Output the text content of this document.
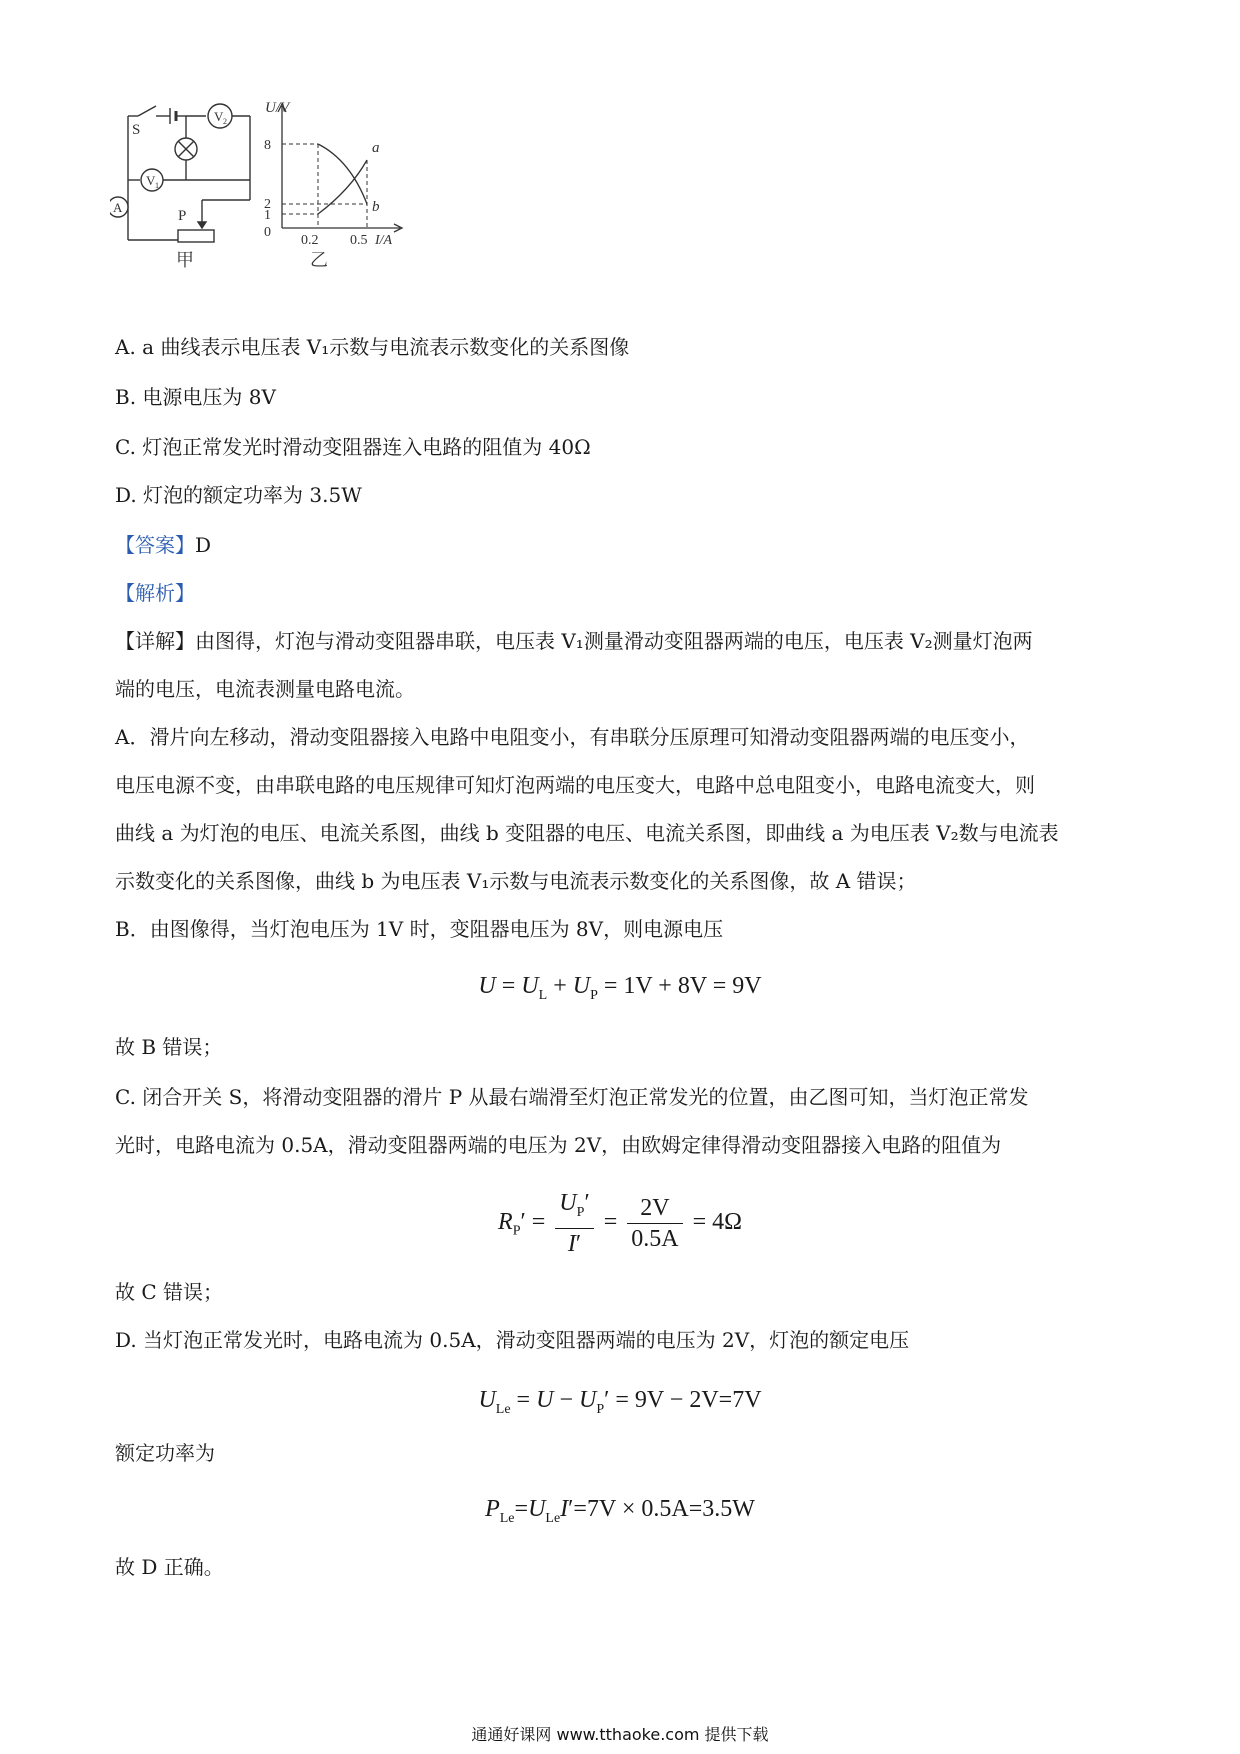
S
V 2
V 1
A
P
甲
U/V
8
2
1
0
0.2 0.5 I/A
a
b
乙
A. a 曲线表示电压表 V₁示数与电流表示数变化的关系图像
B. 电源电压为 8V
C. 灯泡正常发光时滑动变阻器连入电路的阻值为 40Ω
D. 灯泡的额定功率为 3.5W
【答案】D
【解析】

【详解】由图得，灯泡与滑动变阻器串联，电压表 V₁测量滑动变阻器两端的电压，电压表 V₂测量灯泡两

端的电压，电流表测量电路电流。

A．滑片向左移动，滑动变阻器接入电路中电阻变小，有串联分压原理可知滑动变阻器两端的电压变小，

电压电源不变，由串联电路的电压规律可知灯泡两端的电压变大，电路中总电阻变小，电路电流变大，则

曲线 a 为灯泡的电压、电流关系图，曲线 b 变阻器的电压、电流关系图，即曲线 a 为电压表 V₂数与电流表

示数变化的关系图像，曲线 b 为电压表 V₁示数与电流表示数变化的关系图像，故 A 错误；

B．由图像得，当灯泡电压为 1V 时，变阻器电压为 8V，则电源电压

$U = U_L + U_P = 1V + 8V = 9V$
故 B 错误；

C. 闭合开关 S，将滑动变阻器的滑片 P 从最右端滑至灯泡正常发光的位置，由乙图可知，当灯泡正常发

光时，电路电流为 0.5A，滑动变阻器两端的电压为 2V，由欧姆定律得滑动变阻器接入电路的阻值为

$R_P' = \frac{U_P'}{I'} = \frac{2V}{0.5A} = 4\Omega$
故 C 错误；
D. 当灯泡正常发光时，电路电流为 0.5A，滑动变阻器两端的电压为 2V，灯泡的额定电压
$U_{Le} = U - U_P' = 9V - 2V=7V$
额定功率为
$P_{Le}=U_{Le}I'=7V \times 0.5A=3.5W$
故 D 正确。
通通好课网 www.tthaoke.com 提供下载
